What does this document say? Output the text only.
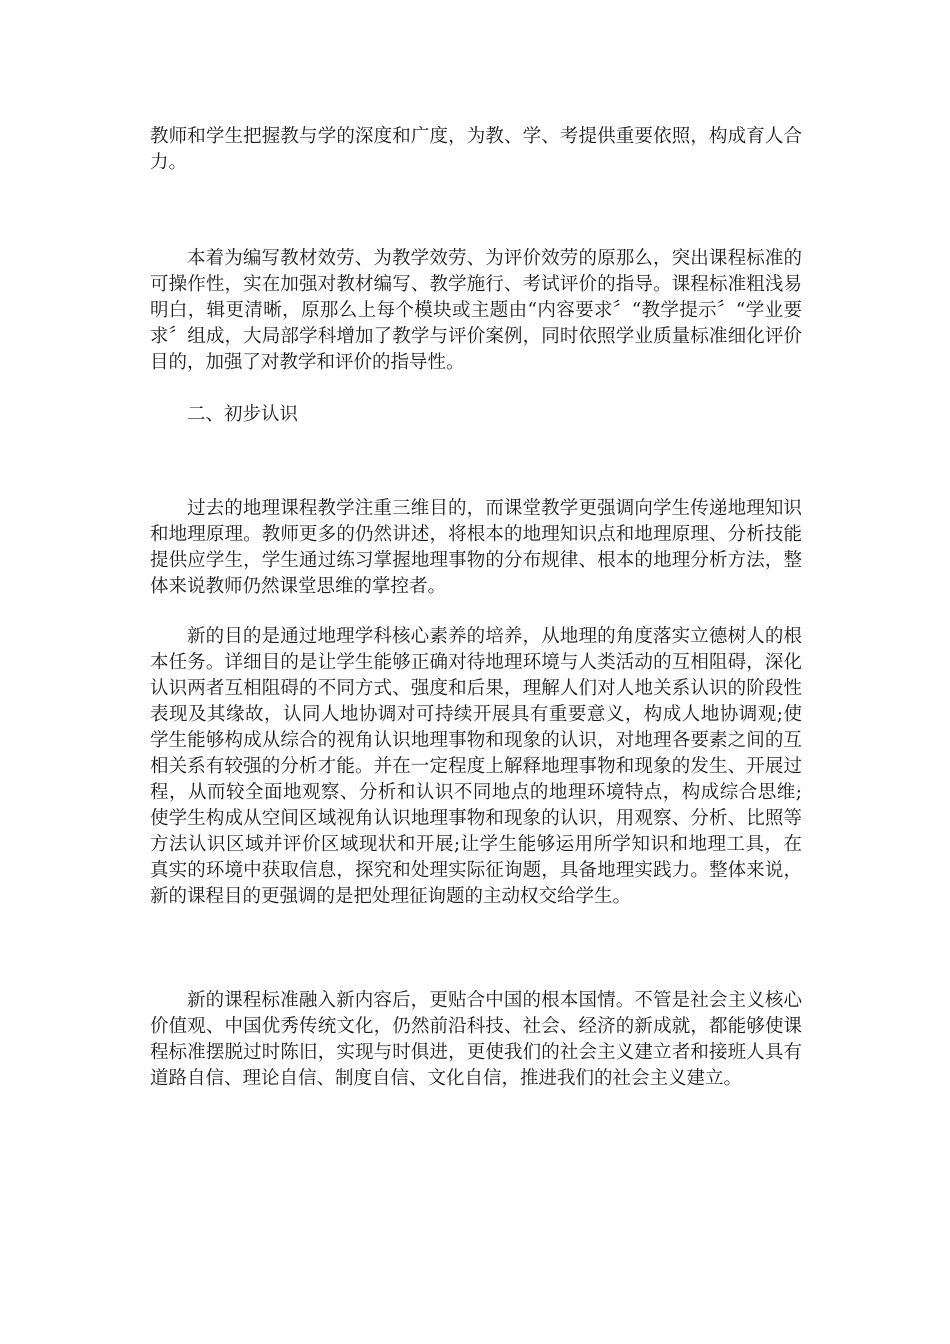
教师和学生把握教与学的深度和广度，为教、学、考提供重要依照，构成育人合力。

本着为编写教材效劳、为教学效劳、为评价效劳的原那么，突出课程标准的可操作性，实在加强对教材编写、教学施行、考试评价的指导。课程标准粗浅易明白，辑更清晰，原那么上每个模块或主题由“内容要求〞“教学提示〞“学业要求〞组成，大局部学科增加了教学与评价案例，同时依照学业质量标准细化评价目的，加强了对教学和评价的指导性。

二、初步认识

过去的地理课程教学注重三维目的，而课堂教学更强调向学生传递地理知识和地理原理。教师更多的仍然讲述，将根本的地理知识点和地理原理、分析技能提供应学生，学生通过练习掌握地理事物的分布规律、根本的地理分析方法，整体来说教师仍然课堂思维的掌控者。

新的目的是通过地理学科核心素养的培养，从地理的角度落实立德树人的根本任务。详细目的是让学生能够正确对待地理环境与人类活动的互相阻碍，深化认识两者互相阻碍的不同方式、强度和后果，理解人们对人地关系认识的阶段性表现及其缘故，认同人地协调对可持续开展具有重要意义，构成人地协调观;使学生能够构成从综合的视角认识地理事物和现象的认识，对地理各要素之间的互相关系有较强的分析才能。并在一定程度上解释地理事物和现象的发生、开展过程，从而较全面地观察、分析和认识不同地点的地理环境特点，构成综合思维;使学生构成从空间区域视角认识地理事物和现象的认识，用观察、分析、比照等方法认识区域并评价区域现状和开展;让学生能够运用所学知识和地理工具，在真实的环境中获取信息，探究和处理实际征询题，具备地理实践力。整体来说，新的课程目的更强调的是把处理征询题的主动权交给学生。

新的课程标准融入新内容后，更贴合中国的根本国情。不管是社会主义核心价值观、中国优秀传统文化，仍然前沿科技、社会、经济的新成就，都能够使课程标准摆脱过时陈旧，实现与时俱进，更使我们的社会主义建立者和接班人具有道路自信、理论自信、制度自信、文化自信，推进我们的社会主义建立。
